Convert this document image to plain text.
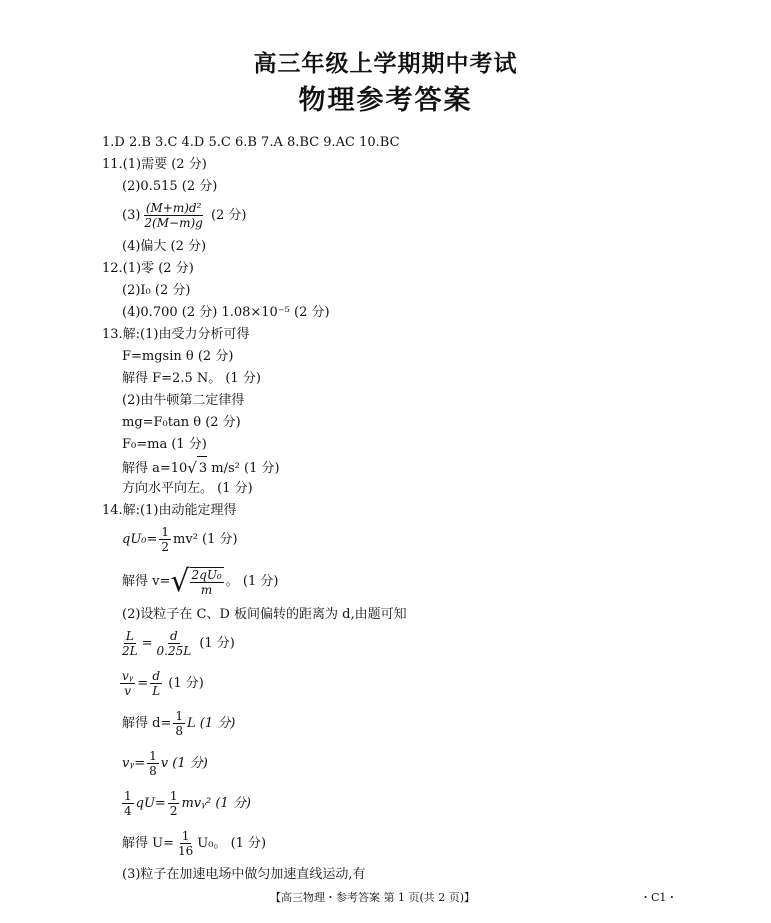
高三年级上学期期中考试
物理参考答案
1.D 2.B 3.C 4.D 5.C 6.B 7.A 8.BC 9.AC 10.BC
11.(1)需要 (2 分)
(2)0.515 (2 分)
$(3) \frac{\text{(M+m)d²}}{2(M-m)g} (2$ 分)
(4)偏大 (2 分)
12.(1)零 (2 分)
(2)I₀ (2 分)
(4)0.700 (2 分) 1.08×10⁻⁵ (2 分)
13.解:(1)由受力分析可得
F=mgsin θ (2 分)
解得 F=2.5 N。 (1 分)
(2)由牛顿第二定律得
mg=F₀tan θ (2 分)
F₀=ma (1 分)
解得 a=10 √ 3 m/s² (1 分)
方向水平向左。 (1 分)
14.解:(1)由动能定理得
$qU_0= \frac{1}{2} mv^2$ (1 分)
解得 v= √ $\frac{\text{2qU₀}}{m}$ 。 (1 分)
(2)设粒子在 C、D 板间偏转的距离为 d,由题可知
$\frac{L}{2L} = \frac{d}{0.25L} (1$ 分)
$\frac{\text{vᵧ}}{v} = \frac{d}{L} (1$ 分)
解得 $d= \frac{1}{8}$ L (1 分)
vᵧ= $\frac{1}{8}$ v (1 分)
$\frac{1}{4} qU= \frac{1}{2}$ mvᵧ² (1 分)
解得 $U= \frac{1}{16} U_0$。 (1 分)
(3)粒子在加速电场中做匀加速直线运动,有
【高三物理・参考答案 第 1 页(共 2 页)】	・C1・
